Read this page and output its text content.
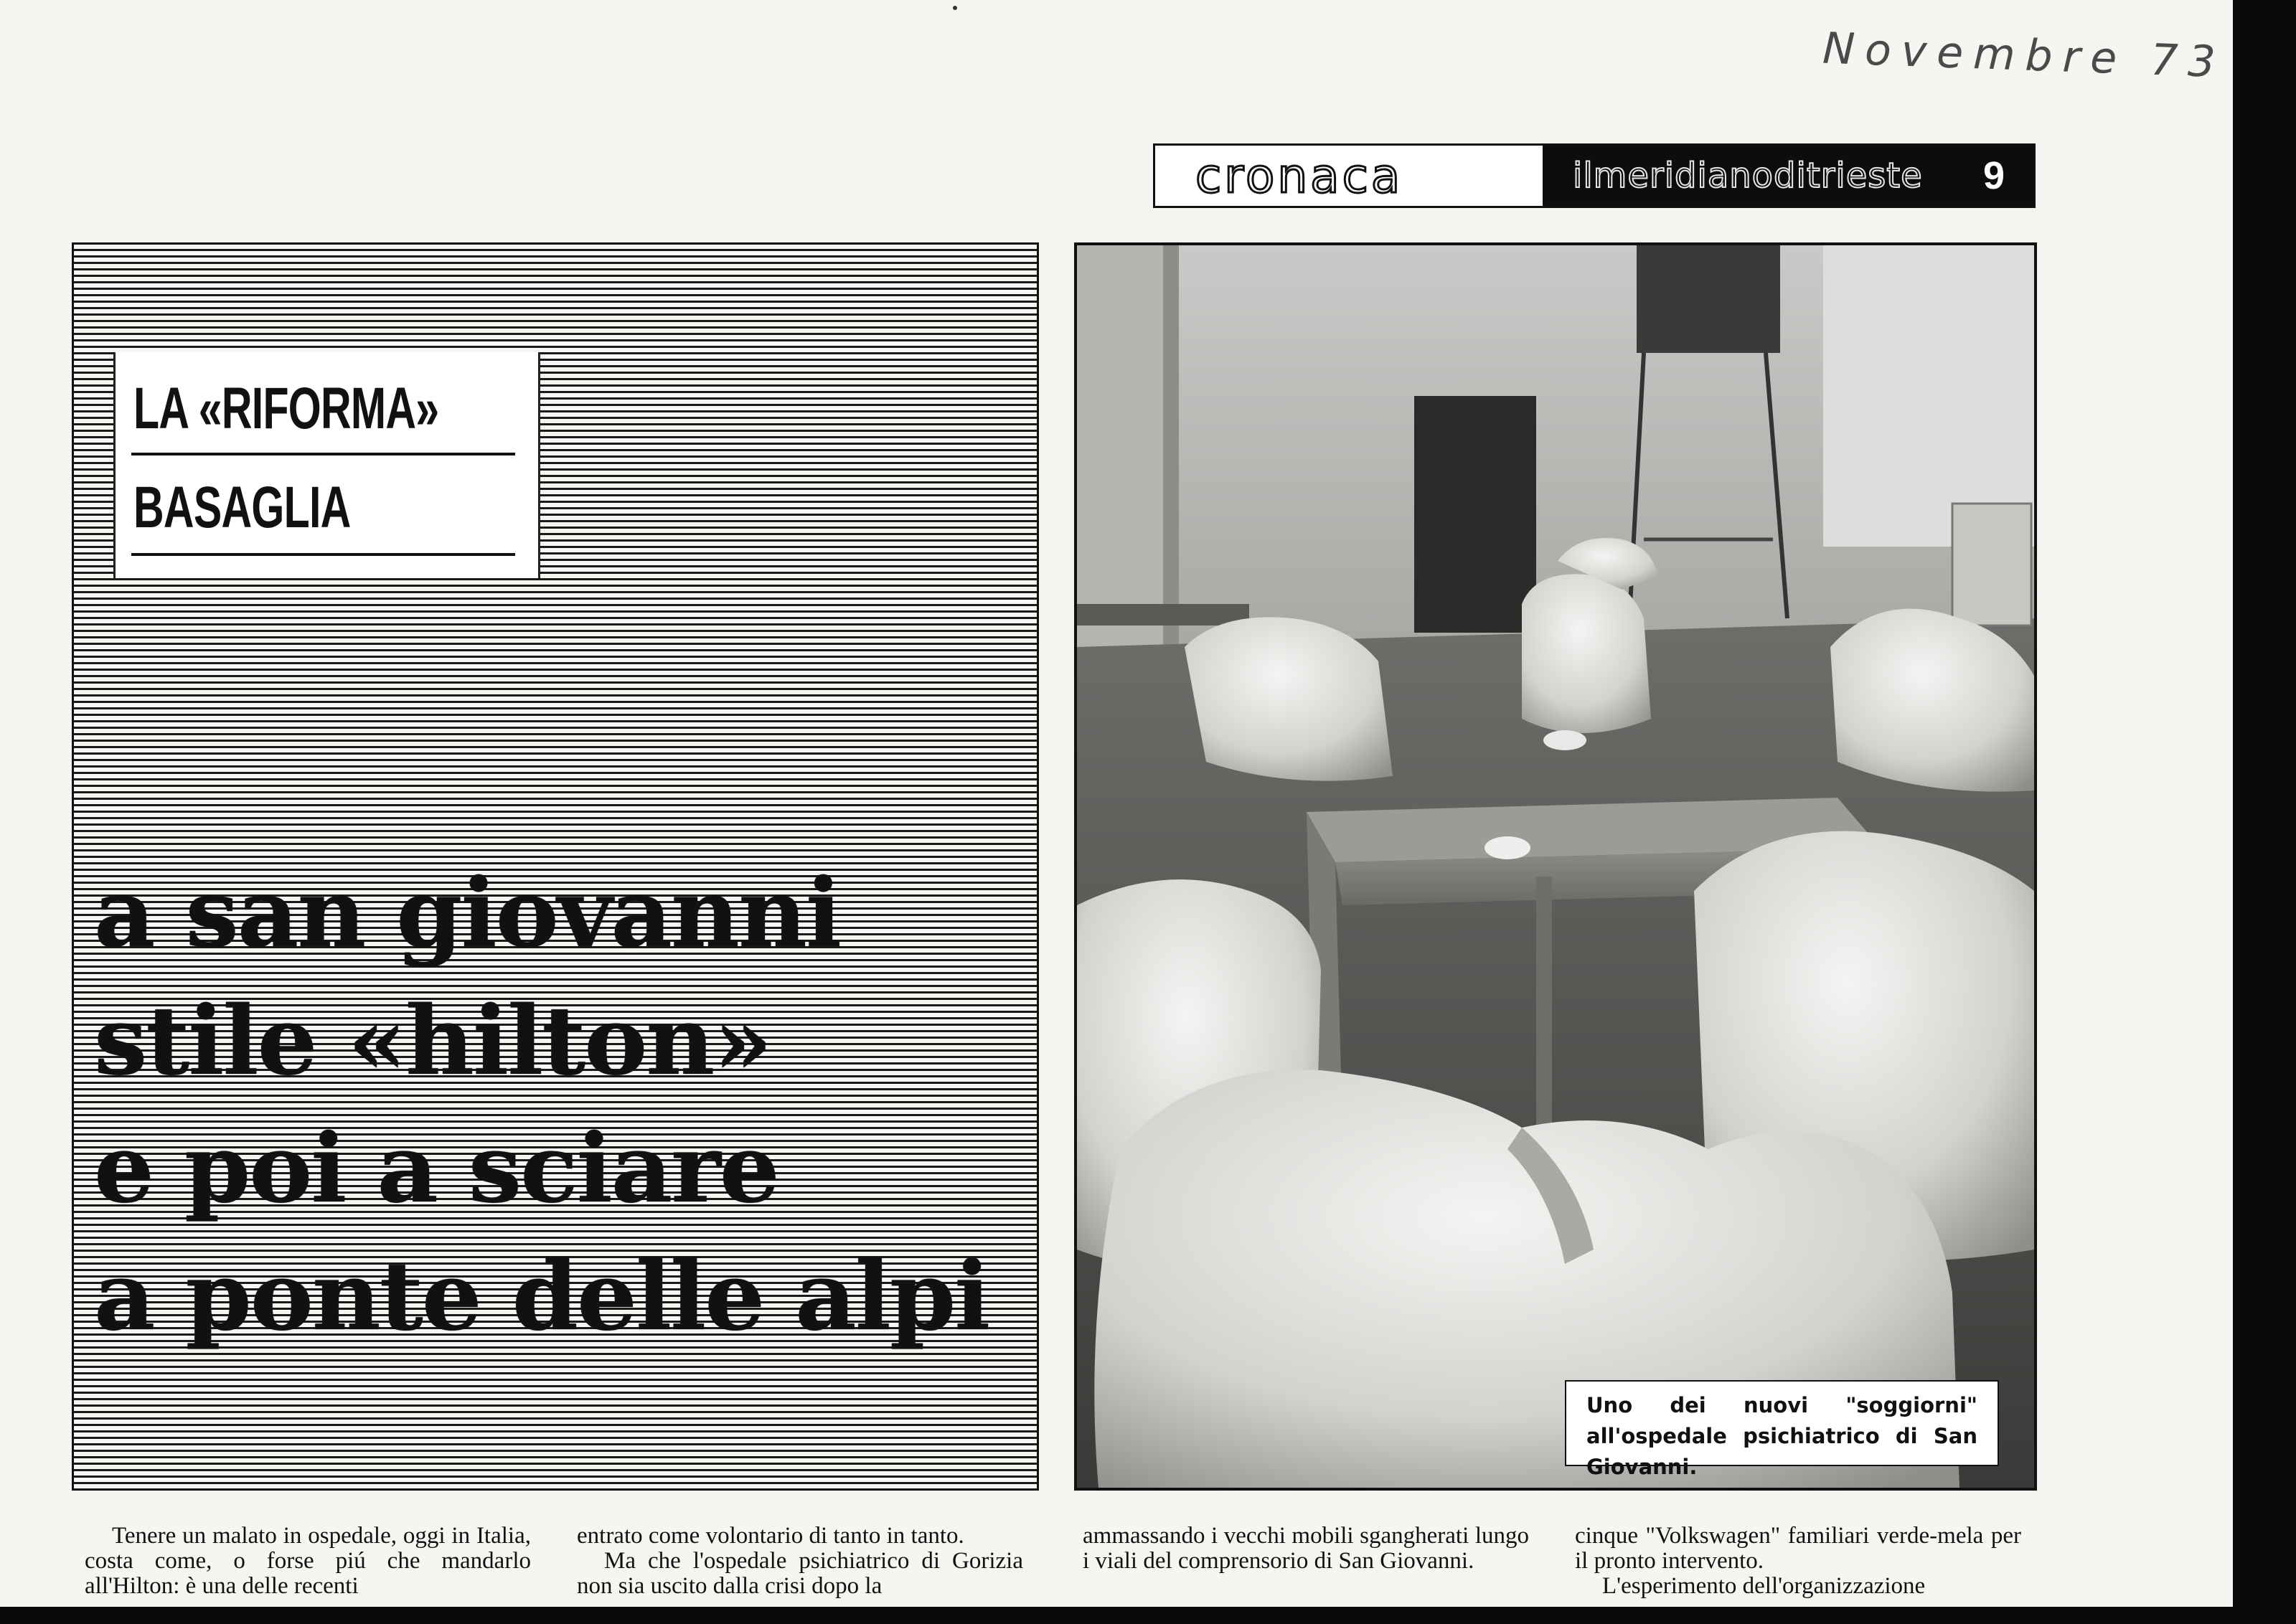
Novembre 73
cronaca	ilmeridianoditrieste 9
LA «RIFORMA»
BASAGLIA
a san giovanni
stile «hilton»
e poi a sciare
a ponte delle alpi
Uno dei nuovi "soggiorni" all'ospedale psichiatrico di San Giovanni.

Tenere un malato in ospedale, oggi in Italia, costa come, o forse piú che mandarlo all'Hilton: è una delle recenti

entrato come volontario di tanto in tanto.

Ma che l'ospedale psichiatrico di Gorizia non sia uscito dalla crisi dopo la

ammassando i vecchi mobili sgangherati lungo i viali del comprensorio di San Giovanni.

cinque "Volkswagen" familiari verde-mela per il pronto intervento.

L'esperimento dell'organizzazione
